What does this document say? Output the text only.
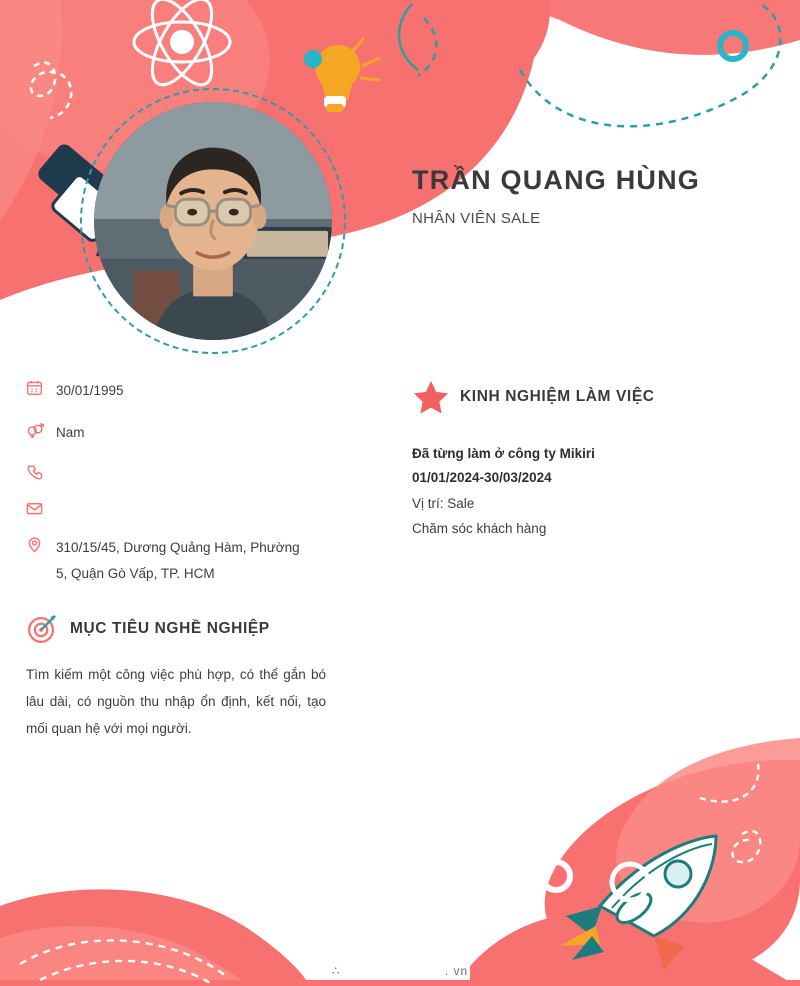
TRẦN QUANG HÙNG

NHÂN VIÊN SALE

30/01/1995
Nam
310/15/45, Dương Quảng Hàm, Phường 5, Quận Gò Vấp, TP. HCM
MỤC TIÊU NGHỀ NGHIỆP
Tìm kiếm một công việc phù hợp, có thể gắn bó lâu dài, có nguồn thu nhập ổn định, kết nối, tạo mối quan hệ với mọi người.
KINH NGHIỆM LÀM VIỆC
Đã từng làm ở công ty Mikiri
01/01/2024-30/03/2024
Vị trí: Sale
Chăm sóc khách hàng
∴	. vn
